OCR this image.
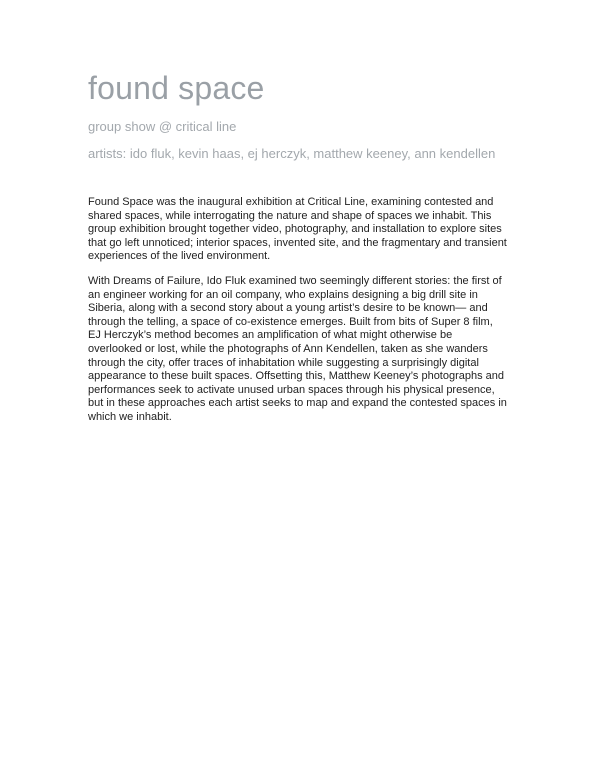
found space
group show @ critical line
artists: ido fluk, kevin haas, ej herczyk, matthew keeney, ann kendellen

Found Space was the inaugural exhibition at Critical Line, examining contested and shared spaces, while interrogating the nature and shape of spaces we inhabit. This group exhibition brought together video, photography, and installation to explore sites that go left unnoticed; interior spaces, invented site, and the fragmentary and transient experiences of the lived environment.

With Dreams of Failure, Ido Fluk examined two seemingly different stories: the first of an engineer working for an oil company, who explains designing a big drill site in Siberia, along with a second story about a young artist’s desire to be known— and through the telling, a space of co-existence emerges. Built from bits of Super 8 film, EJ Herczyk’s method becomes an amplification of what might otherwise be overlooked or lost, while the photographs of Ann Kendellen, taken as she wanders through the city, offer traces of inhabitation while suggesting a surprisingly digital appearance to these built spaces. Offsetting this, Matthew Keeney’s photographs and performances seek to activate unused urban spaces through his physical presence, but in these approaches each artist seeks to map and expand the contested spaces in which we inhabit.
